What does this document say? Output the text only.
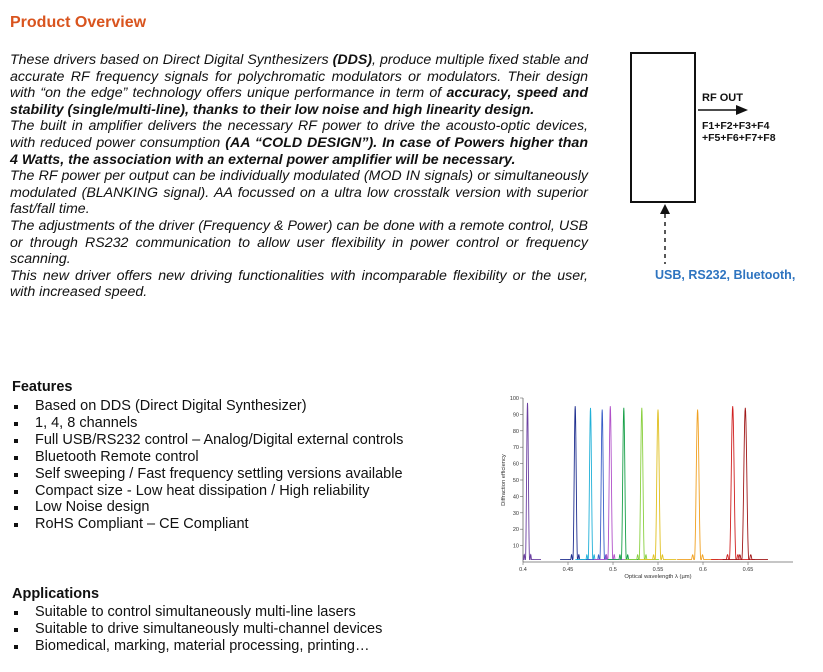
Product Overview

These drivers based on Direct Digital Synthesizers (DDS), produce multiple fixed stable and accurate RF frequency signals for polychromatic modulators or modulators. Their design with “on the edge” technology offers unique performance in term of accuracy, speed and stability (single/multi-line), thanks to their low noise and high linearity design.

The built in amplifier delivers the necessary RF power to drive the acousto-optic devices, with reduced power consumption (AA “COLD DESIGN”). In case of Powers higher than 4 Watts, the association with an external power amplifier will be necessary.

The RF power per output can be individually modulated (MOD IN signals) or simultaneously modulated (BLANKING signal). AA focussed on a ultra low crosstalk version with superior fast/fall time.

The adjustments of the driver (Frequency & Power) can be done with a remote control, USB or through RS232 communication to allow user flexibility in power control or frequency scanning.

This new driver offers new driving functionalities with incomparable flexibility or the user, with increased speed.

RF OUT
F1+F2+F3+F4
+F5+F6+F7+F8
USB, RS232, Bluetooth,
Features
Based on DDS (Direct Digital Synthesizer)
1, 4, 8 channels
Full USB/RS232 control – Analog/Digital external controls
Bluetooth Remote control
Self sweeping / Fast frequency settling versions available
Compact size - Low heat dissipation / High reliability
Low Noise design
RoHS Compliant – CE Compliant
Applications
Suitable to control simultaneously multi-line lasers
Suitable to drive simultaneously multi-channel devices
Biomedical, marking, material processing, printing…
10
20
30
40
50
60
70
80
90
100
0.4	0.45	0.5	0.55	0.6	0.65
Optical wavelength λ (µm)
Diffraction efficiency
